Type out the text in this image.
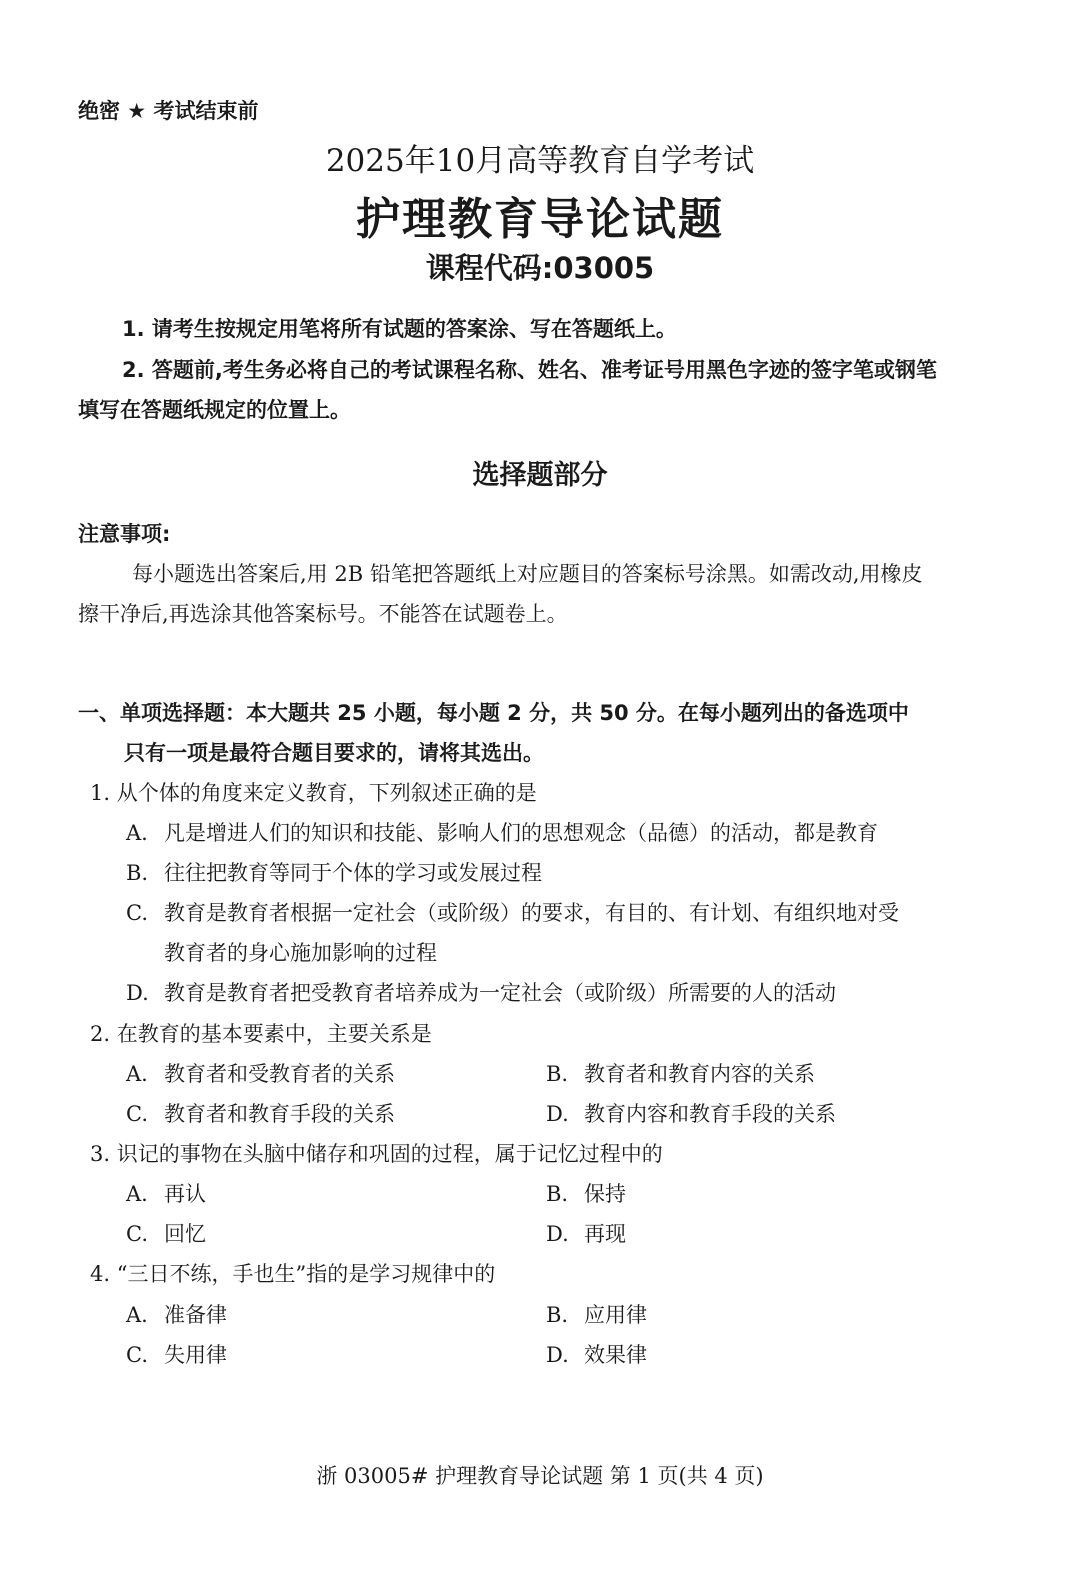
绝密 ★ 考试结束前
2025年10月高等教育自学考试
护理教育导论试题
课程代码:03005
1. 请考生按规定用笔将所有试题的答案涂、写在答题纸上。
2. 答题前,考生务必将自己的考试课程名称、姓名、准考证号用黑色字迹的签字笔或钢笔
填写在答题纸规定的位置上。
选择题部分
注意事项:
每小题选出答案后,用 2B 铅笔把答题纸上对应题目的答案标号涂黑。如需改动,用橡皮
擦干净后,再选涂其他答案标号。不能答在试题卷上。
一、单项选择题：本大题共 25 小题，每小题 2 分，共 50 分。在每小题列出的备选项中
只有一项是最符合题目要求的，请将其选出。
1. 从个体的角度来定义教育，下列叙述正确的是
A. 凡是增进人们的知识和技能、影响人们的思想观念（品德）的活动，都是教育
B. 往往把教育等同于个体的学习或发展过程
C. 教育是教育者根据一定社会（或阶级）的要求，有目的、有计划、有组织地对受
教育者的身心施加影响的过程
D. 教育是教育者把受教育者培养成为一定社会（或阶级）所需要的人的活动
2. 在教育的基本要素中，主要关系是
A. 教育者和受教育者的关系	B. 教育者和教育内容的关系
C. 教育者和教育手段的关系	D. 教育内容和教育手段的关系
3. 识记的事物在头脑中储存和巩固的过程，属于记忆过程中的
A. 再认	B. 保持
C. 回忆	D. 再现
4. “三日不练，手也生”指的是学习规律中的
A. 准备律	B. 应用律
C. 失用律	D. 效果律
浙 03005# 护理教育导论试题 第 1 页(共 4 页)
